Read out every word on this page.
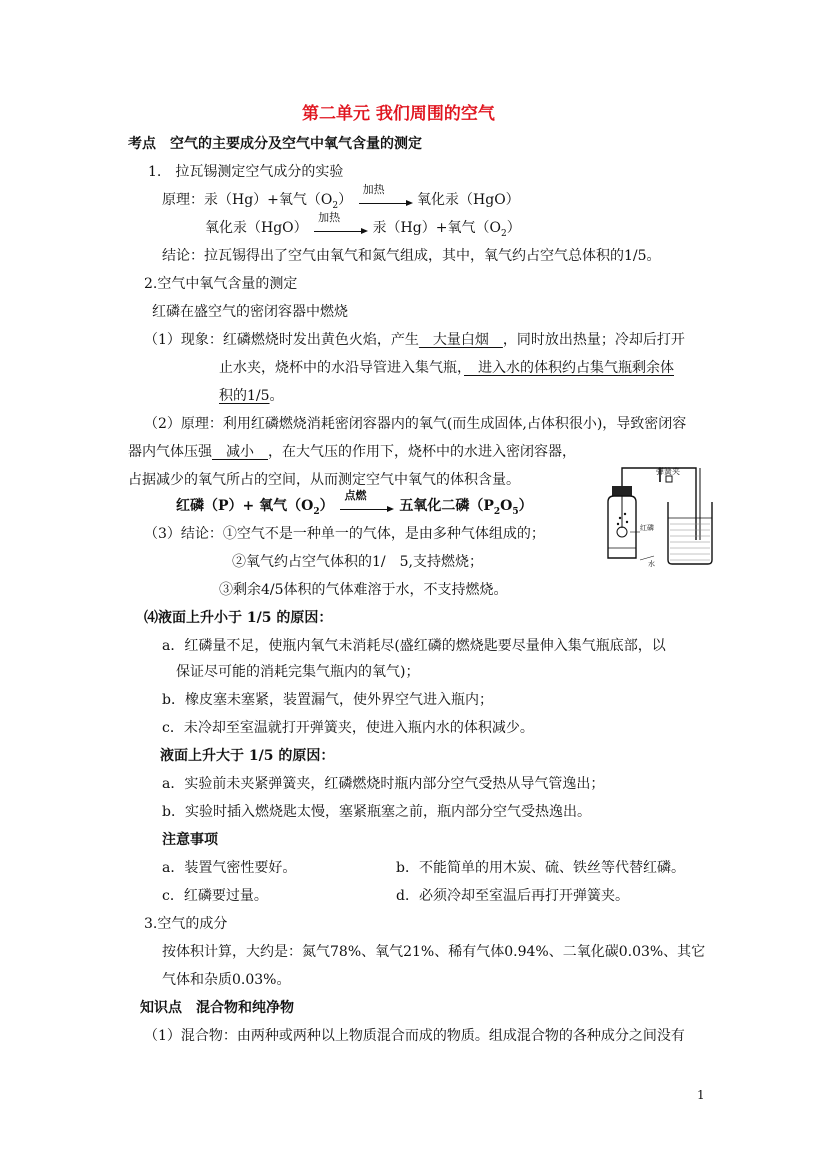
第二单元 我们周围的空气
考点　空气的主要成分及空气中氧气含量的测定
1.　拉瓦锡测定空气成分的实验
原理：汞（Hg）+氧气$(O_2)$
加热
氧化汞（HgO）
氧化汞（HgO）
加热
汞（Hg）+氧气$(O_2)$
结论：拉瓦锡得出了空气由氧气和氮气组成，其中，氧气约占空气总体积的1/5。
2.空气中氧气含量的测定
红磷在盛空气的密闭容器中燃烧
（1）现象：红磷燃烧时发出黄色火焰，产生　大量白烟　，同时放出热量；冷却后打开
止水夹，烧杯中的水沿导管进入集气瓶，　进入水的体积约占集气瓶剩余体
积的1/5。
（2）原理：利用红磷燃烧消耗密闭容器内的氧气(而生成固体,占体积很小)，导致密闭容
器内气体压强　减小　，在大气压的作用下，烧杯中的水进入密闭容器，
占据减少的氧气所占的空间，从而测定空气中氧气的体积含量。
红磷（P）+ 氧气$(O_2)$
点燃
五氧化二磷$(P_2O_5)$
（3）结论：①空气不是一种单一的气体，是由多种气体组成的；
②氧气约占空气体积的1/　5,支持燃烧；
③剩余4/5体积的气体难溶于水，不支持燃烧。
弹簧夹
红磷
水
⑷液面上升小于 1/5 的原因：
a．红磷量不足，使瓶内氧气未消耗尽(盛红磷的燃烧匙要尽量伸入集气瓶底部，以
保证尽可能的消耗完集气瓶内的氧气)；
b．橡皮塞未塞紧，装置漏气，使外界空气进入瓶内；
c．未冷却至室温就打开弹簧夹，使进入瓶内水的体积减少。
液面上升大于 1/5 的原因：
a．实验前未夹紧弹簧夹，红磷燃烧时瓶内部分空气受热从导气管逸出；
b．实验时插入燃烧匙太慢，塞紧瓶塞之前，瓶内部分空气受热逸出。
注意事项
a．装置气密性要好。	b．不能简单的用木炭、硫、铁丝等代替红磷。
c．红磷要过量。	d．必须冷却至室温后再打开弹簧夹。
3.空气的成分
按体积计算，大约是：氮气78%、氧气21%、稀有气体0.94%、二氧化碳0.03%、其它
气体和杂质0.03%。
知识点　混合物和纯净物
（1）混合物：由两种或两种以上物质混合而成的物质。组成混合物的各种成分之间没有
1
